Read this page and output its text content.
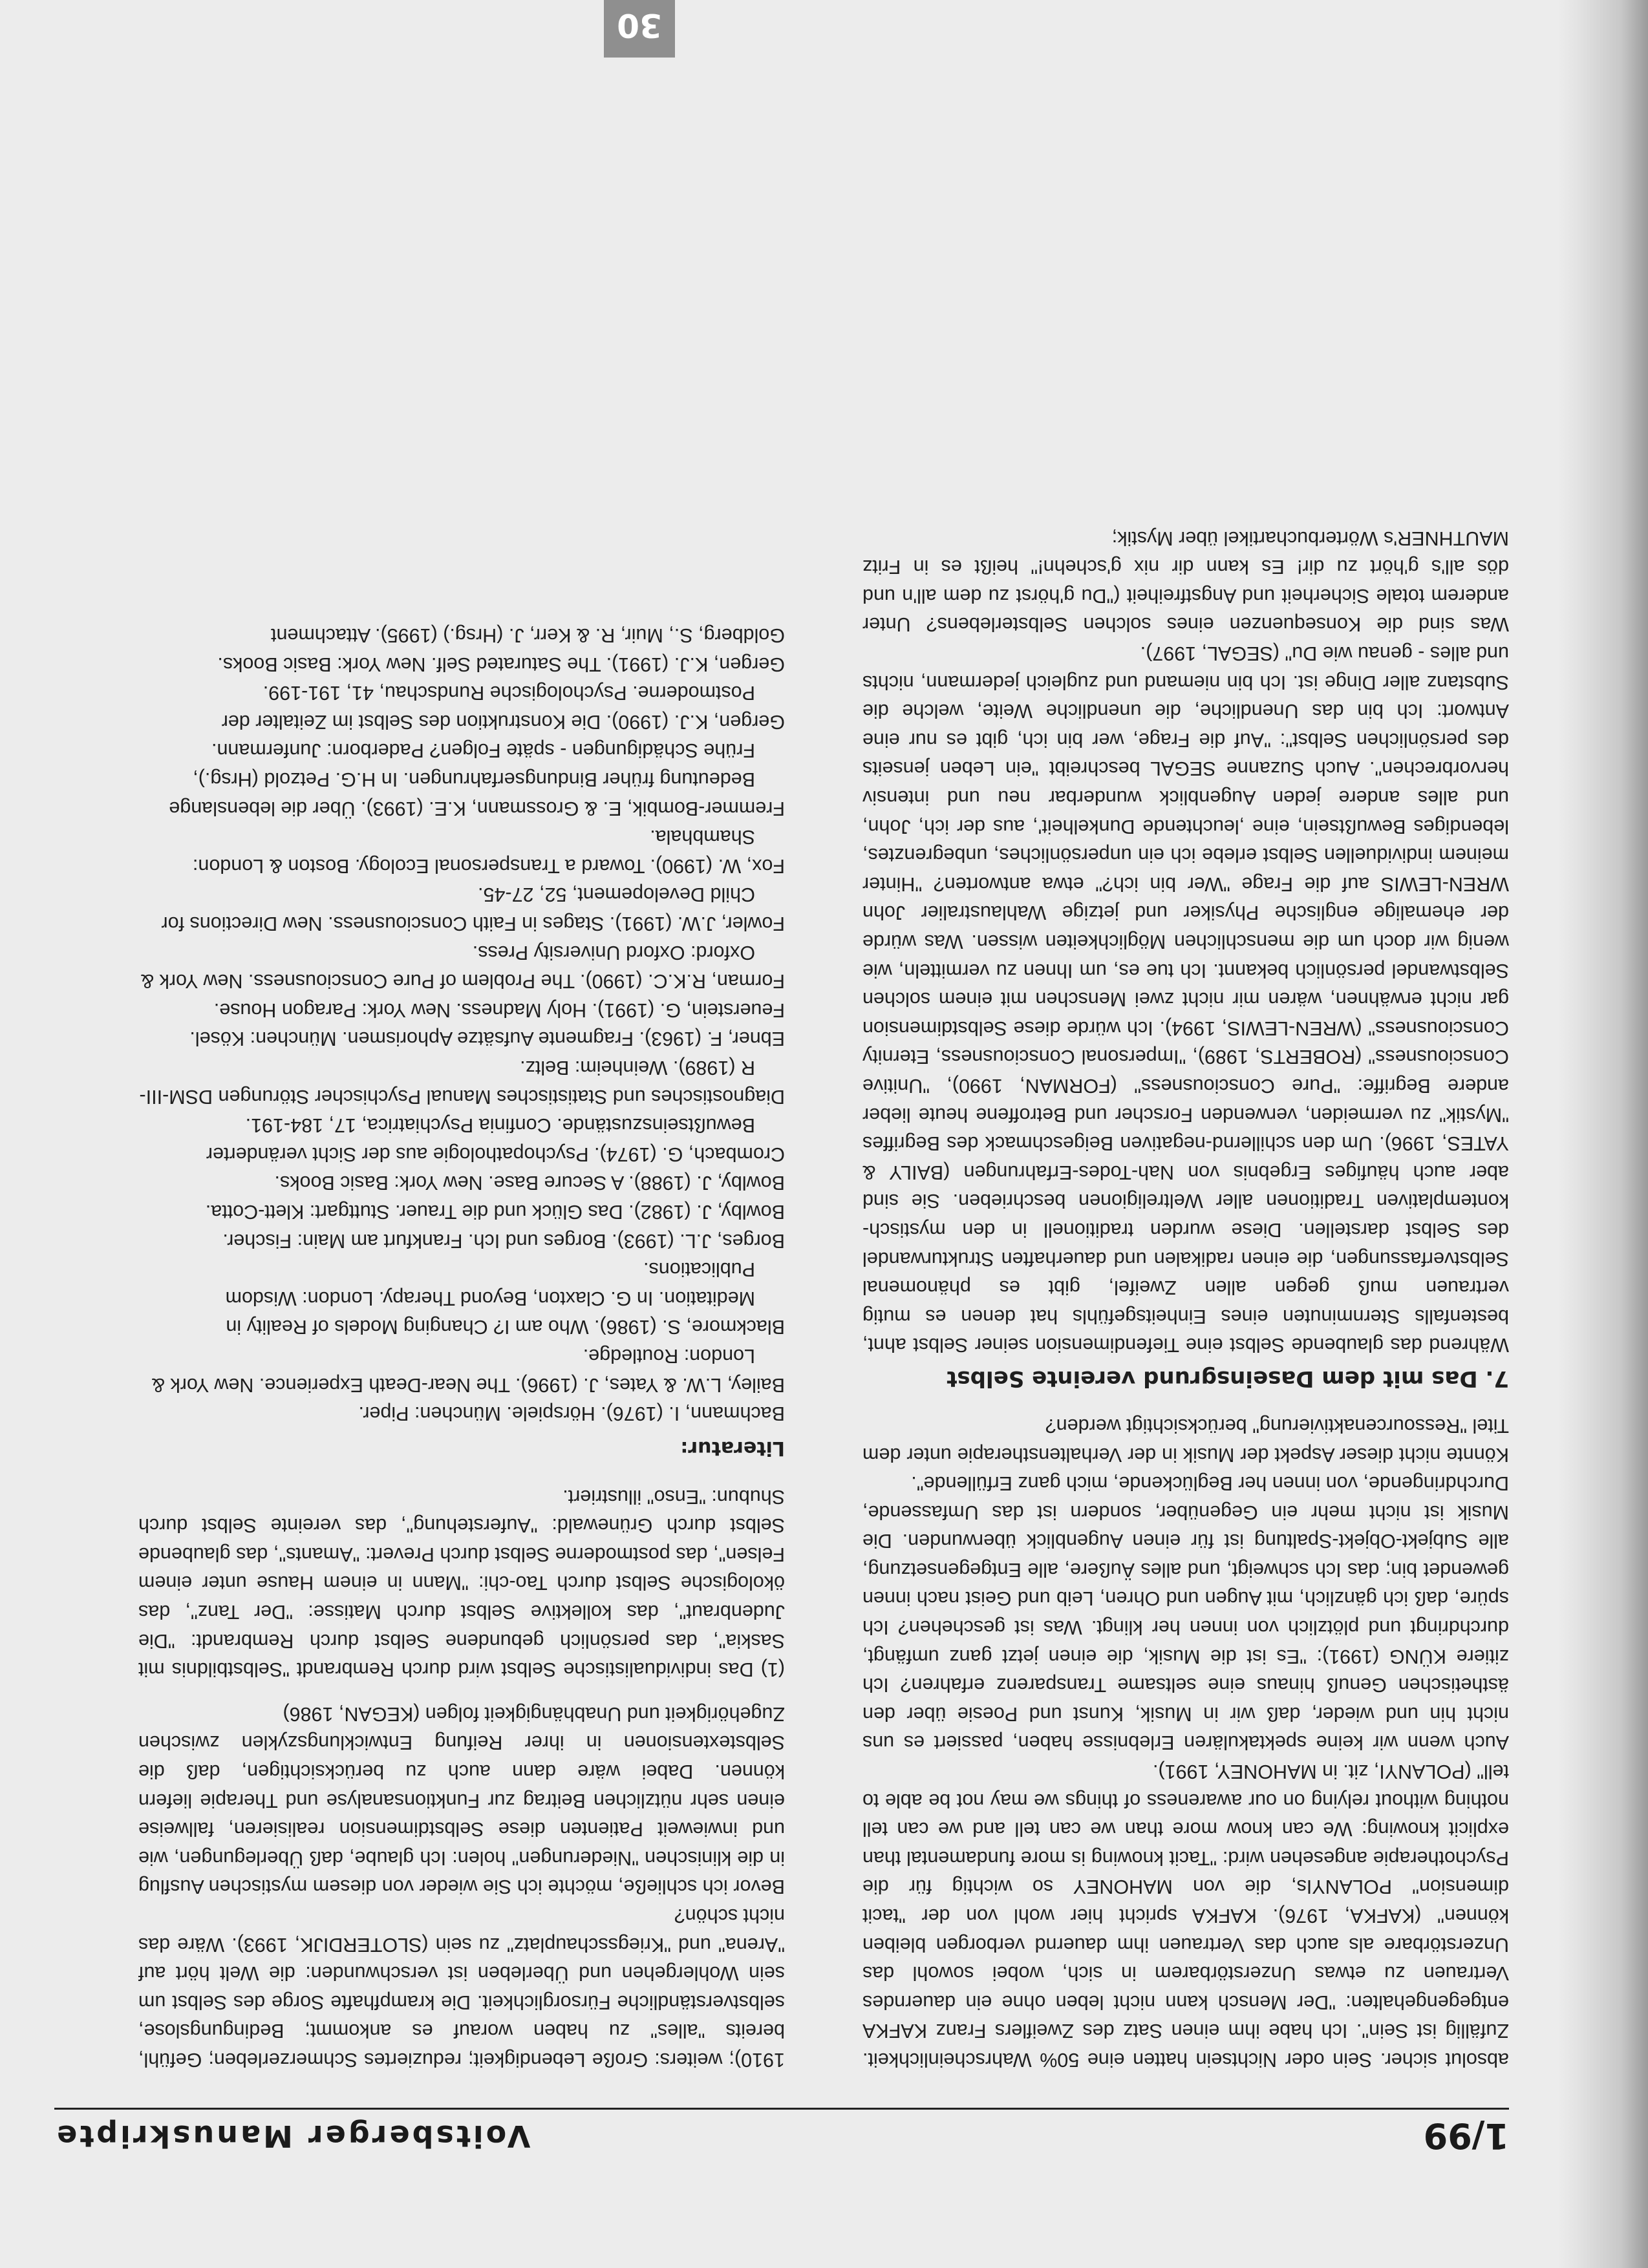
1/99
Voitsberger Manuskripte

absolut sicher. Sein oder Nichtsein hatten eine 50% Wahrscheinlichkeit. Zufällig ist Sein". Ich habe ihm einen Satz des Zweiflers Franz KAFKA entgegengehalten: "Der Mensch kann nicht leben ohne ein dauerndes Vertrauen zu etwas Unzerstörbarem in sich, wobei sowohl das Unzerstörbare als auch das Vertrauen ihm dauernd verborgen bleiben können" (KAFKA, 1976). KAFKA spricht hier wohl von der "tacit dimension" POLANYIs, die von MAHONEY so wichtig für die Psychotherapie angesehen wird: "Tacit knowing is more fundamental than explicit knowing: We can know more than we can tell and we can tell nothing without relying on our awareness of things we may not be able to tell" (POLANYI, zit. in MAHONEY, 1991).

Auch wenn wir keine spektakulären Erlebnisse haben, passiert es uns nicht hin und wieder, daß wir in Musik, Kunst und Poesie über den ästhetischen Genuß hinaus eine seltsame Transparenz erfahren? Ich zitiere KÜNG (1991): "Es ist die Musik, die einen jetzt ganz umfängt, durchdringt und plötzlich von innen her klingt. Was ist geschehen? Ich spüre, daß ich gänzlich, mit Augen und Ohren, Leib und Geist nach innen gewendet bin; das Ich schweigt, und alles Äußere, alle Entgegensetzung, alle Subjekt-Objekt-Spaltung ist für einen Augenblick überwunden. Die Musik ist nicht mehr ein Gegenüber, sondern ist das Umfassende, Durchdringende, von innen her Beglückende, mich ganz Erfüllende".

Könnte nicht dieser Aspekt der Musik in der Verhaltenstherapie unter dem Titel "Ressourcenaktivierung" berücksichtigt werden?

7. Das mit dem Daseinsgrund vereinte Selbst

Während das glaubende Selbst eine Tiefendimension seiner Selbst ahnt, bestenfalls Sternminuten eines Einheitsgefühls hat denen es mutig vertrauen muß gegen allen Zweifel, gibt es phänomenal Selbstverfassungen, die einen radikalen und dauerhaften Strukturwandel des Selbst darstellen. Diese wurden traditionell in den mystisch-kontemplativen Traditionen aller Weltreligionen beschrieben. Sie sind aber auch häufiges Ergebnis von Nah-Todes-Erfahrungen (BAILY & YATES, 1996). Um den schillernd-negativen Beigeschmack des Begriffes "Mystik" zu vermeiden, verwenden Forscher und Betroffene heute lieber andere Begriffe: "Pure Consciousness" (FORMAN, 1990), "Unitive Consciousness" (ROBERTS, 1989), "Impersonal Consciousness, Eternity Consciousness" (WREN-LEWIS, 1994). Ich würde diese Selbstdimension gar nicht erwähnen, wären mir nicht zwei Menschen mit einem solchen Selbstwandel persönlich bekannt. Ich tue es, um Ihnen zu vermitteln, wie wenig wir doch um die menschlichen Möglichkeiten wissen. Was würde der ehemalige englische Physiker und jetzige Wahlaustralier John WREN-LEWIS auf die Frage "Wer bin ich?" etwa antworten? "Hinter meinem individuellen Selbst erlebe ich ein unpersönliches, unbegrenztes, lebendiges Bewußtsein, eine ,leuchtende Dunkelheit', aus der ich, John, und alles andere jeden Augenblick wunderbar neu und intensiv hervorbrechen". Auch Suzanne SEGAL beschreibt "ein Leben jenseits des persönlichen Selbst": "Auf die Frage, wer bin ich, gibt es nur eine Antwort: Ich bin das Unendliche, die unendliche Weite, welche die Substanz aller Dinge ist. Ich bin niemand und zugleich jedermann, nichts und alles - genau wie Du" (SEGAL, 1997).

Was sind die Konsequenzen eines solchen Selbsterlebens? Unter anderem totale Sicherheit und Angstfreiheit ("Du g'hörst zu dem all'n und dös all's g'hört zu dir! Es kann dir nix g'schehn!" heißt es in Fritz MAUTHNER's Wörterbuchartikel über Mystik;

1910); weiters: Große Lebendigkeit; reduziertes Schmerzerleben; Gefühl, bereits "alles" zu haben worauf es ankommt; Bedingungslose, selbstverständliche Fürsorglichkeit. Die krampfhafte Sorge des Selbst um sein Wohlergehen und Überleben ist verschwunden: die Welt hört auf "Arena" und "Kriegsschauplatz" zu sein (SLOTERDIJK, 1993). Wäre das nicht schön?

Bevor ich schließe, möchte ich Sie wieder von diesem mystischen Ausflug in die klinischen "Niederungen" holen: Ich glaube, daß Überlegungen, wie und inwieweit Patienten diese Selbstdimension realisieren, fallweise einen sehr nützlichen Beitrag zur Funktionsanalyse und Therapie liefern können. Dabei wäre dann auch zu berücksichtigen, daß die Selbstextensionen in ihrer Reifung Entwicklungszyklen zwischen Zugehörigkeit und Unabhängigkeit folgen (KEGAN, 1986)

(1) Das individualistische Selbst wird durch Rembrandt "Selbstbildnis mit Saskia", das persönlich gebundene Selbst durch Rembrandt: "Die Judenbraut", das kollektive Selbst durch Matisse: "Der Tanz", das ökologische Selbst durch Tao-chi: "Mann in einem Hause unter einem Felsen", das postmoderne Selbst durch Prevert: "Amants", das glaubende Selbst durch Grünewald: "Auferstehung", das vereinte Selbst durch Shubun: "Enso" illustriert.

Literatur:

Bachmann, I. (1976). Hörspiele. München: Piper.

Bailey, L.W. & Yates, J. (1996). The Near-Death Experience. New York & London: Routledge.

Blackmore, S. (1986). Who am I? Changing Models of Reality in Meditation. In G. Claxton, Beyond Therapy. London: Wisdom Publications.

Borges, J.L. (1993). Borges und Ich. Frankfurt am Main: Fischer.

Bowlby, J. (1982). Das Glück und die Trauer. Stuttgart: Klett-Cotta.

Bowlby, J. (1988). A Secure Base. New York: Basic Books.

Crombach, G. (1974). Psychopathologie aus der Sicht veränderter Bewußtseinszustände. Confinia Psychiatrica, 17, 184-191.

Diagnostisches und Statistisches Manual Psychischer Störungen DSM-III-R (1989). Weinheim: Beltz.

Ebner, F. (1963). Fragmente Aufsätze Aphorismen. München: Kösel.

Feuerstein, G. (1991). Holy Madness. New York: Paragon House.

Forman, R.K.C. (1990). The Problem of Pure Consciousness. New York & Oxford: Oxford University Press.

Fowler, J.W. (1991). Stages in Faith Consciousness. New Directions for Child Developement, 52, 27-45.

Fox, W. (1990). Toward a Transpersonal Ecology. Boston & London: Shambhala.

Fremmer-Bombik, E. & Grossmann, K.E. (1993). Über die lebenslange Bedeutung früher Bindungserfahrungen. In H.G. Petzold (Hrsg.), Frühe Schädigungen - späte Folgen? Paderborn: Junfermann.

Gergen, K.J. (1990). Die Konstruktion des Selbst im Zeitalter der Postmoderne. Psychologische Rundschau, 41, 191-199.

Gergen, K.J. (1991). The Saturated Self. New York: Basic Books.

Goldberg, S., Muir, R. & Kerr, J. (Hrsg.) (1995). Attachment

30
